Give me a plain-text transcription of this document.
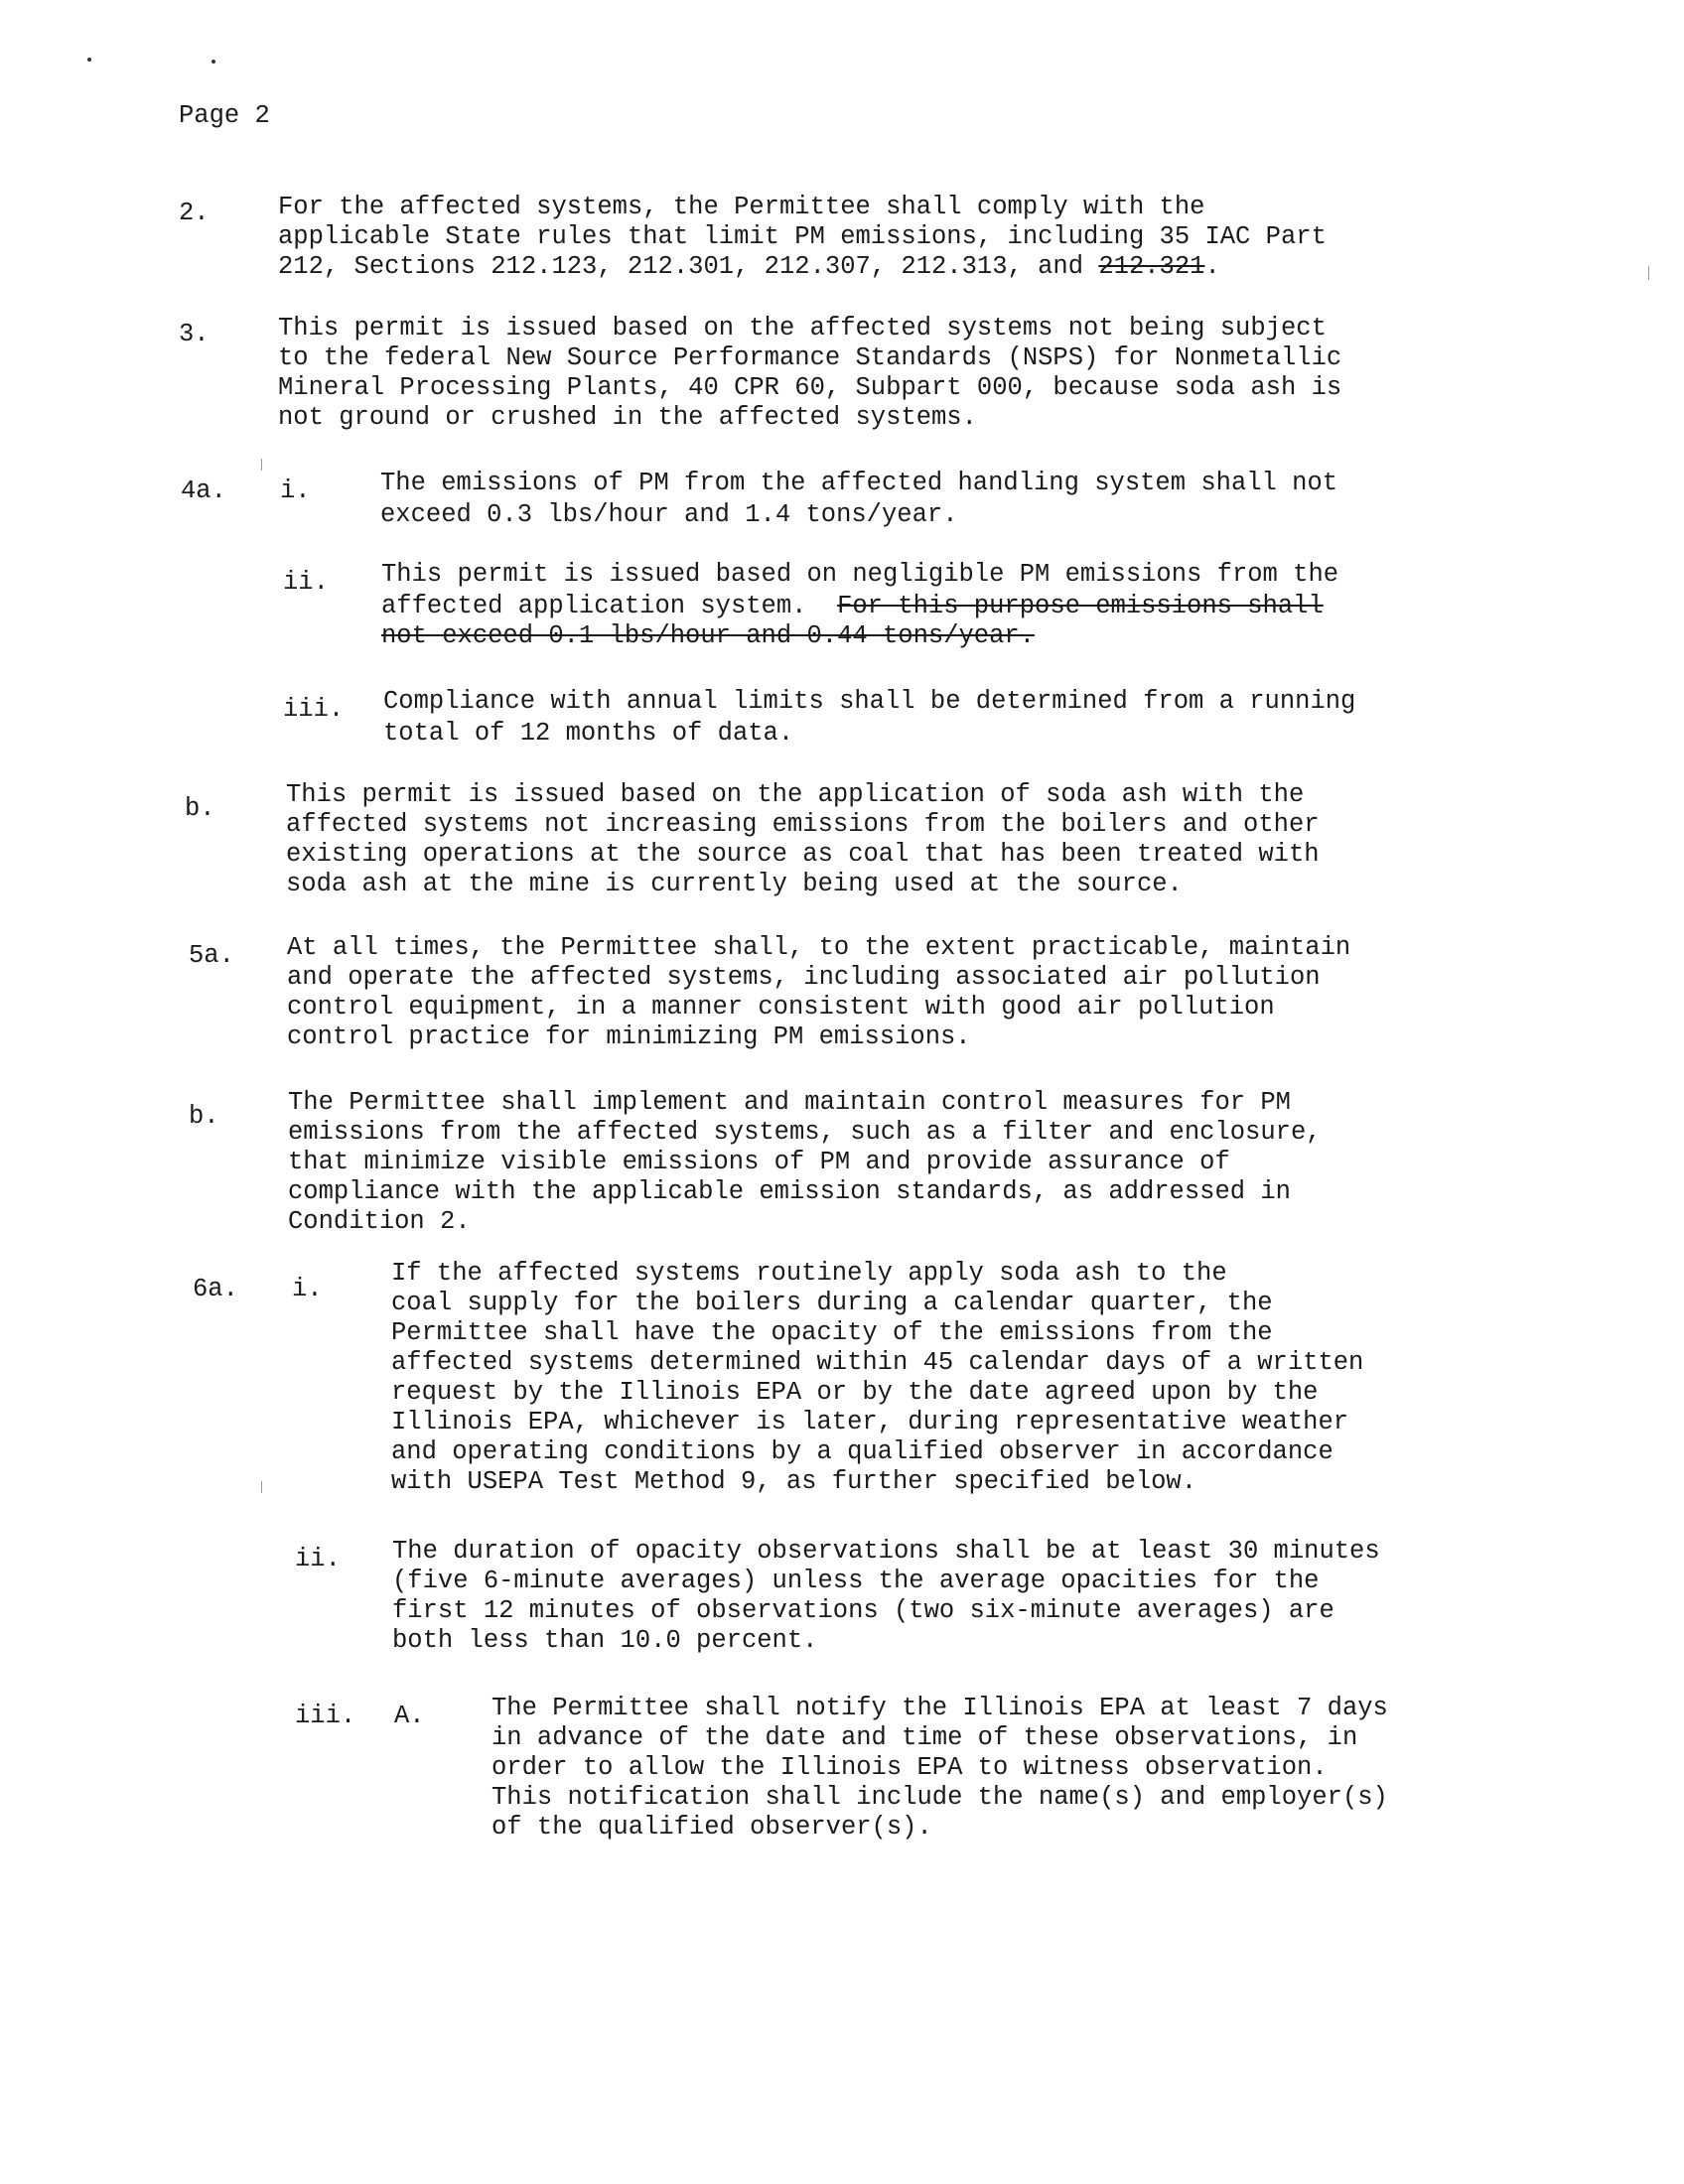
Page 2
2.	For the affected systems, the Permittee shall comply with the
applicable State rules that limit PM emissions, including 35 IAC Part
212, Sections 212.123, 212.301, 212.307, 212.313, and 212.321.
3.	This permit is issued based on the affected systems not being subject
to the federal New Source Performance Standards (NSPS) for Nonmetallic
Mineral Processing Plants, 40 CPR 60, Subpart 000, because soda ash is
not ground or crushed in the affected systems.
4a. i.	The emissions of PM from the affected handling system shall not
exceed 0.3 lbs/hour and 1.4 tons/year.
ii. This permit is issued based on negligible PM emissions from the
affected application system.  For this purpose emissions shall
not exceed 0.1 lbs/hour and 0.44 tons/year.
iii. Compliance with annual limits shall be determined from a running
total of 12 months of data.
b.	This permit is issued based on the application of soda ash with the
affected systems not increasing emissions from the boilers and other
existing operations at the source as coal that has been treated with
soda ash at the mine is currently being used at the source.
5a. At all times, the Permittee shall, to the extent practicable, maintain
and operate the affected systems, including associated air pollution
control equipment, in a manner consistent with good air pollution
control practice for minimizing PM emissions.
b.	The Permittee shall implement and maintain control measures for PM
emissions from the affected systems, such as a filter and enclosure,
that minimize visible emissions of PM and provide assurance of
compliance with the applicable emission standards, as addressed in
Condition 2.
6a. i.
If the affected systems routinely apply soda ash to the
coal supply for the boilers during a calendar quarter, the
Permittee shall have the opacity of the emissions from the
affected systems determined within 45 calendar days of a written
request by the Illinois EPA or by the date agreed upon by the
Illinois EPA, whichever is later, during representative weather
and operating conditions by a qualified observer in accordance
with USEPA Test Method 9, as further specified below.
ii. The duration of opacity observations shall be at least 30 minutes
(five 6-minute averages) unless the average opacities for the
first 12 minutes of observations (two six-minute averages) are
both less than 10.0 percent.
iii. A.	The Permittee shall notify the Illinois EPA at least 7 days
in advance of the date and time of these observations, in
order to allow the Illinois EPA to witness observation.
This notification shall include the name(s) and employer(s)
of the qualified observer(s).
